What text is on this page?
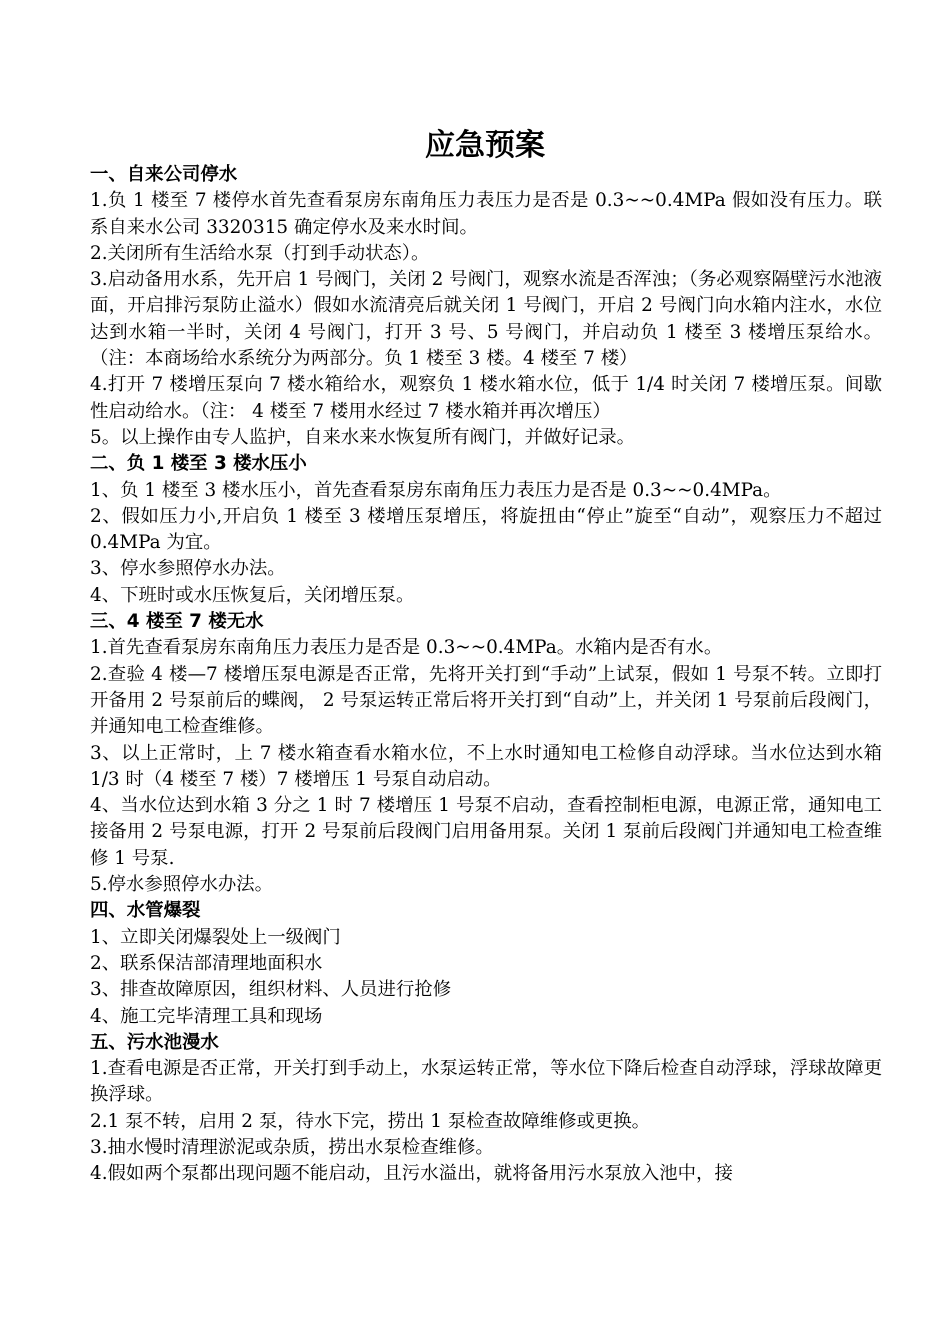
应急预案

一、自来公司停水

1.负 1 楼至 7 楼停水首先查看泵房东南角压力表压力是否是 0.3~~0.4MPa 假如没有压力。联系自来水公司 3320315 确定停水及来水时间。

2.关闭所有生活给水泵（打到手动状态）。

3.启动备用水系，先开启 1 号阀门，关闭 2 号阀门，观察水流是否浑浊；（务必观察隔壁污水池液面，开启排污泵防止溢水）假如水流清亮后就关闭 1 号阀门，开启 2 号阀门向水箱内注水，水位达到水箱一半时，关闭 4 号阀门，打开 3 号、5 号阀门，并启动负 1 楼至 3 楼增压泵给水。（注：本商场给水系统分为两部分。负 1 楼至 3 楼。4 楼至 7 楼）

4.打开 7 楼增压泵向 7 楼水箱给水，观察负 1 楼水箱水位，低于 1/4 时关闭 7 楼增压泵。间歇性启动给水。（注： 4 楼至 7 楼用水经过 7 楼水箱并再次增压）

5。以上操作由专人监护，自来水来水恢复所有阀门，并做好记录。

二、负 1 楼至 3 楼水压小

1、负 1 楼至 3 楼水压小，首先查看泵房东南角压力表压力是否是 0.3~~0.4MPa。

2、假如压力小,开启负 1 楼至 3 楼增压泵增压，将旋扭由“停止”旋至“自动”，观察压力不超过 0.4MPa 为宜。

3、停水参照停水办法。

4、下班时或水压恢复后，关闭增压泵。

三、4 楼至 7 楼无水

1.首先查看泵房东南角压力表压力是否是 0.3~~0.4MPa。水箱内是否有水。

2.查验 4 楼—7 楼增压泵电源是否正常，先将开关打到“手动”上试泵，假如 1 号泵不转。立即打开备用 2 号泵前后的蝶阀， 2 号泵运转正常后将开关打到“自动”上，并关闭 1 号泵前后段阀门，并通知电工检查维修。

3、以上正常时，上 7 楼水箱查看水箱水位，不上水时通知电工检修自动浮球。当水位达到水箱 1/3 时（4 楼至 7 楼）7 楼增压 1 号泵自动启动。

4、当水位达到水箱 3 分之 1 时 7 楼增压 1 号泵不启动，查看控制柜电源，电源正常，通知电工接备用 2 号泵电源，打开 2 号泵前后段阀门启用备用泵。关闭 1 泵前后段阀门并通知电工检查维修 1 号泵.

5.停水参照停水办法。

四、水管爆裂

1、立即关闭爆裂处上一级阀门

2、联系保洁部清理地面积水

3、排查故障原因，组织材料、人员进行抢修

4、施工完毕清理工具和现场

五、污水池漫水

1.查看电源是否正常，开关打到手动上，水泵运转正常，等水位下降后检查自动浮球，浮球故障更换浮球。

2.1 泵不转，启用 2 泵，待水下完，捞出 1 泵检查故障维修或更换。

3.抽水慢时清理淤泥或杂质，捞出水泵检查维修。

4.假如两个泵都出现问题不能启动，且污水溢出，就将备用污水泵放入池中，接
